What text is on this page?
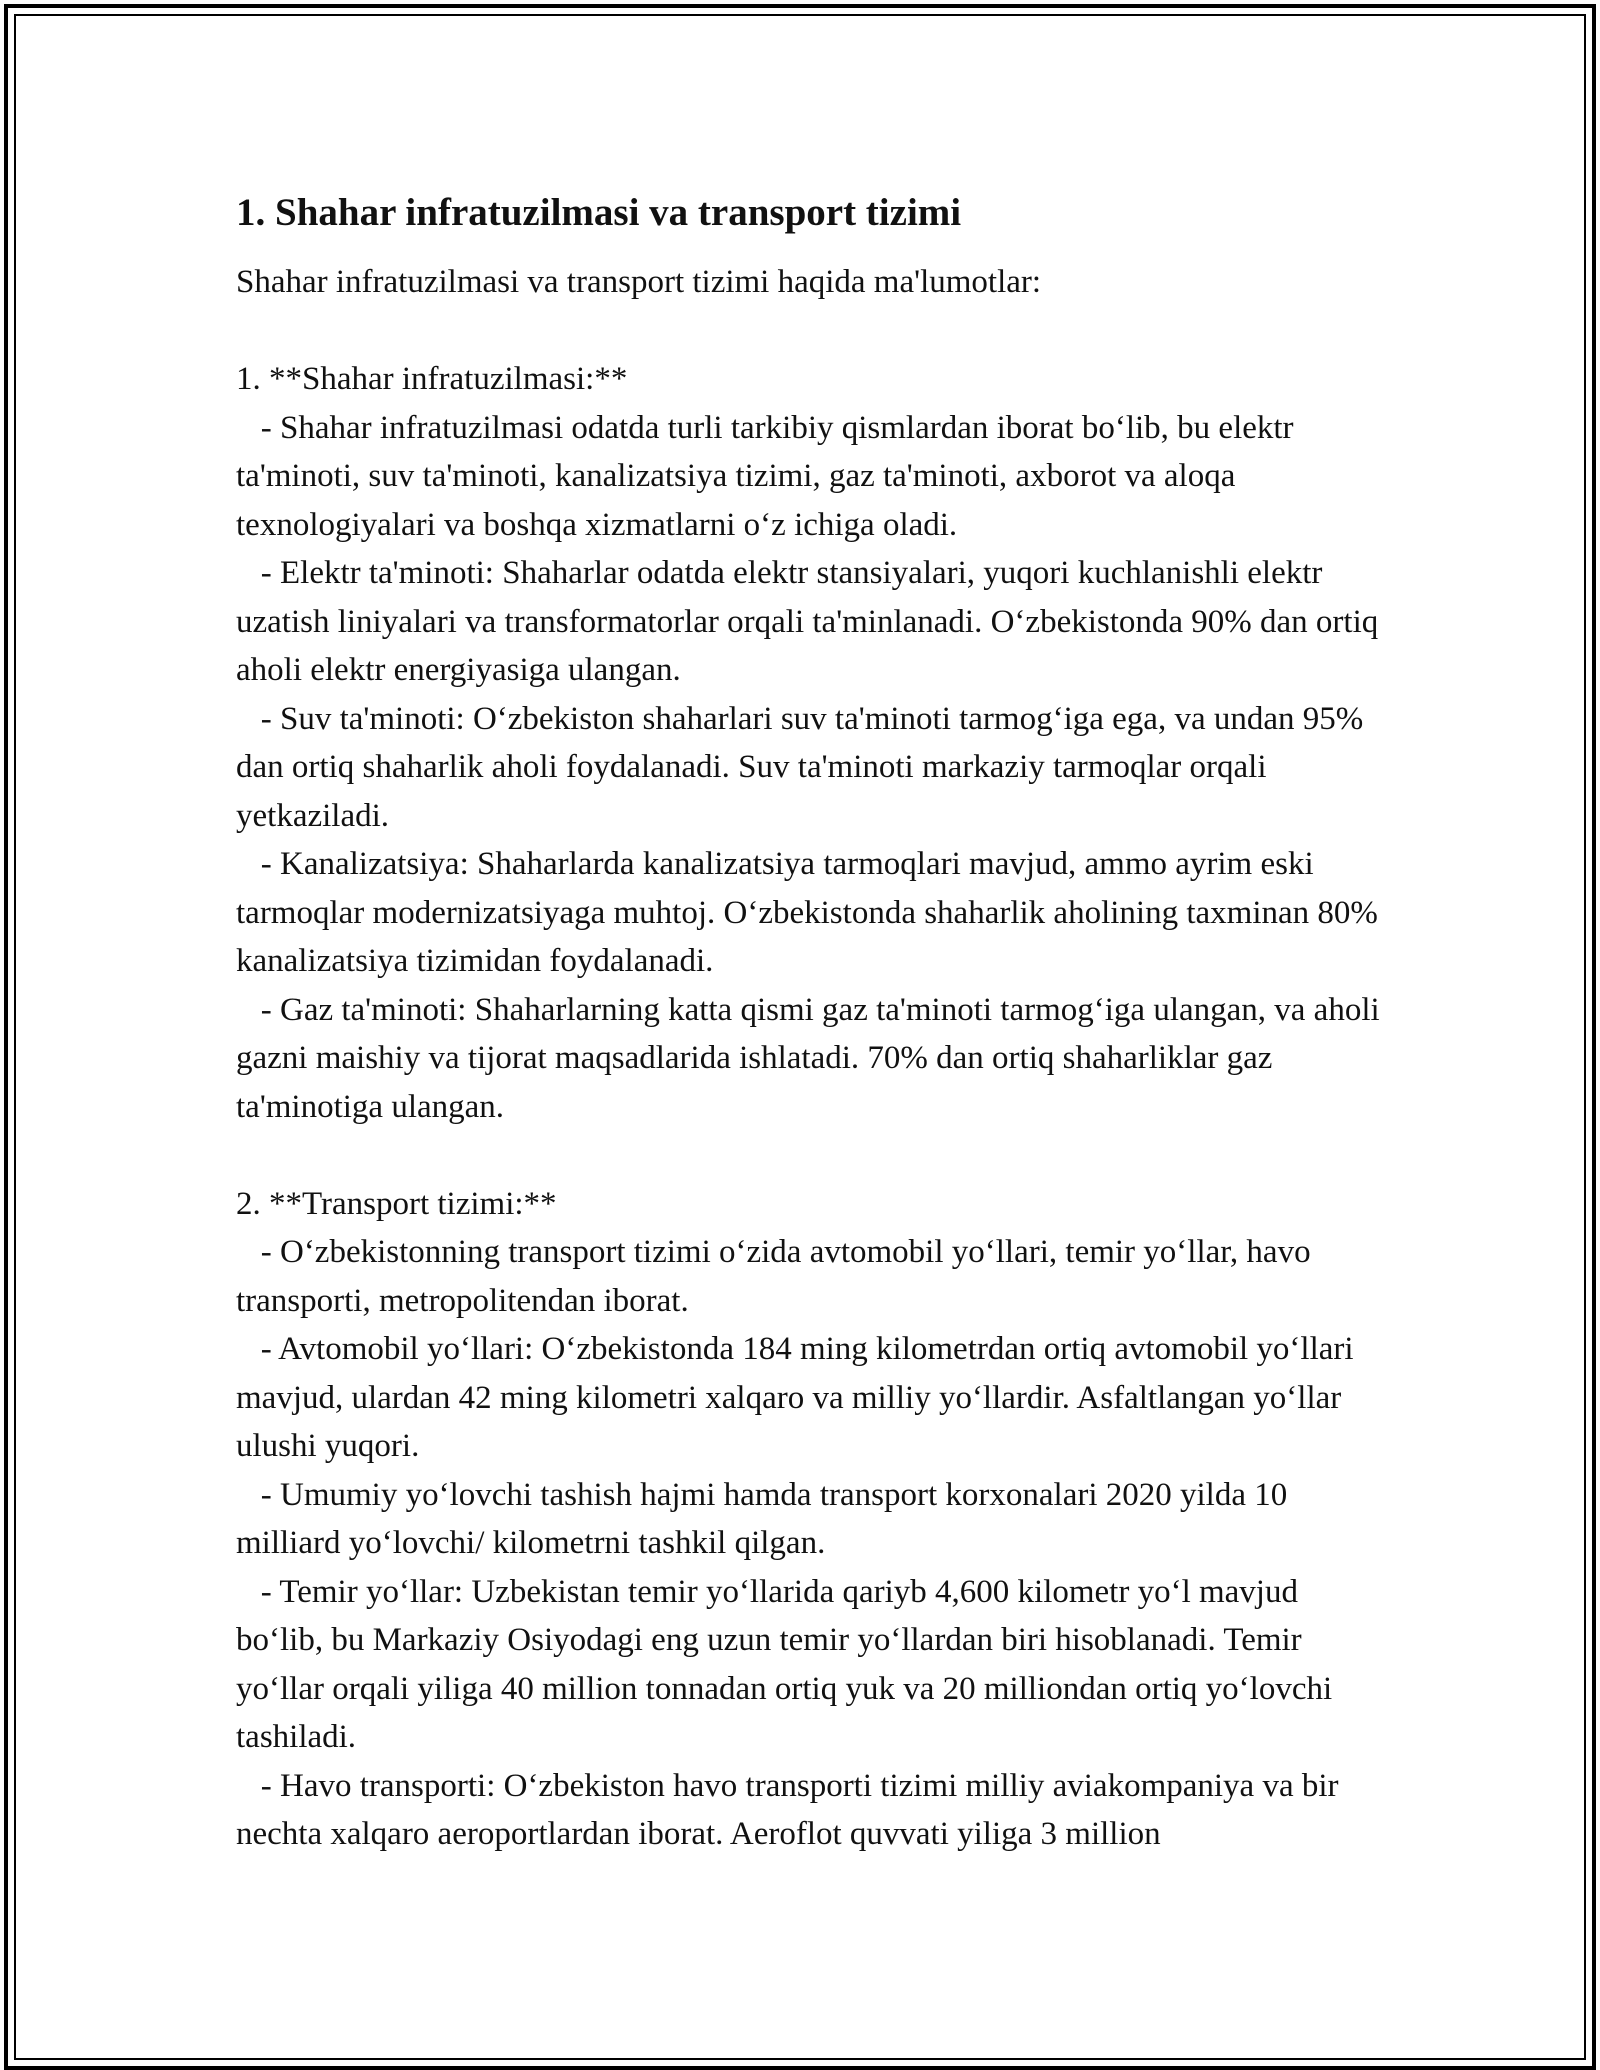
1. Shahar infratuzilmasi va transport tizimi

Shahar infratuzilmasi va transport tizimi haqida ma'lumotlar:

1. **Shahar infratuzilmasi:**

- Shahar infratuzilmasi odatda turli tarkibiy qismlardan iborat bo‘lib, bu elektr ta'minoti, suv ta'minoti, kanalizatsiya tizimi, gaz ta'minoti, axborot va aloqa texnologiyalari va boshqa xizmatlarni o‘z ichiga oladi.

- Elektr ta'minoti: Shaharlar odatda elektr stansiyalari, yuqori kuchlanishli elektr uzatish liniyalari va transformatorlar orqali ta'minlanadi. O‘zbekistonda 90% dan ortiq aholi elektr energiyasiga ulangan.

- Suv ta'minoti: O‘zbekiston shaharlari suv ta'minoti tarmog‘iga ega, va undan 95% dan ortiq shaharlik aholi foydalanadi. Suv ta'minoti markaziy tarmoqlar orqali yetkaziladi.

- Kanalizatsiya: Shaharlarda kanalizatsiya tarmoqlari mavjud, ammo ayrim eski tarmoqlar modernizatsiyaga muhtoj. O‘zbekistonda shaharlik aholining taxminan 80% kanalizatsiya tizimidan foydalanadi.

- Gaz ta'minoti: Shaharlarning katta qismi gaz ta'minoti tarmog‘iga ulangan, va aholi gazni maishiy va tijorat maqsadlarida ishlatadi. 70% dan ortiq shaharliklar gaz ta'minotiga ulangan.

2. **Transport tizimi:**

- O‘zbekistonning transport tizimi o‘zida avtomobil yo‘llari, temir yo‘llar, havo transporti, metropolitendan iborat.

- Avtomobil yo‘llari: O‘zbekistonda 184 ming kilometrdan ortiq avtomobil yo‘llari mavjud, ulardan 42 ming kilometri xalqaro va milliy yo‘llardir. Asfaltlangan yo‘llar ulushi yuqori.

- Umumiy yo‘lovchi tashish hajmi hamda transport korxonalari 2020 yilda 10 milliard yo‘lovchi/ kilometrni tashkil qilgan.

- Temir yo‘llar: Uzbekistan temir yo‘llarida qariyb 4,600 kilometr yo‘l mavjud bo‘lib, bu Markaziy Osiyodagi eng uzun temir yo‘llardan biri hisoblanadi. Temir yo‘llar orqali yiliga 40 million tonnadan ortiq yuk va 20 milliondan ortiq yo‘lovchi tashiladi.

- Havo transporti: O‘zbekiston havo transporti tizimi milliy aviakompaniya va bir nechta xalqaro aeroportlardan iborat. Aeroflot quvvati yiliga 3 million
